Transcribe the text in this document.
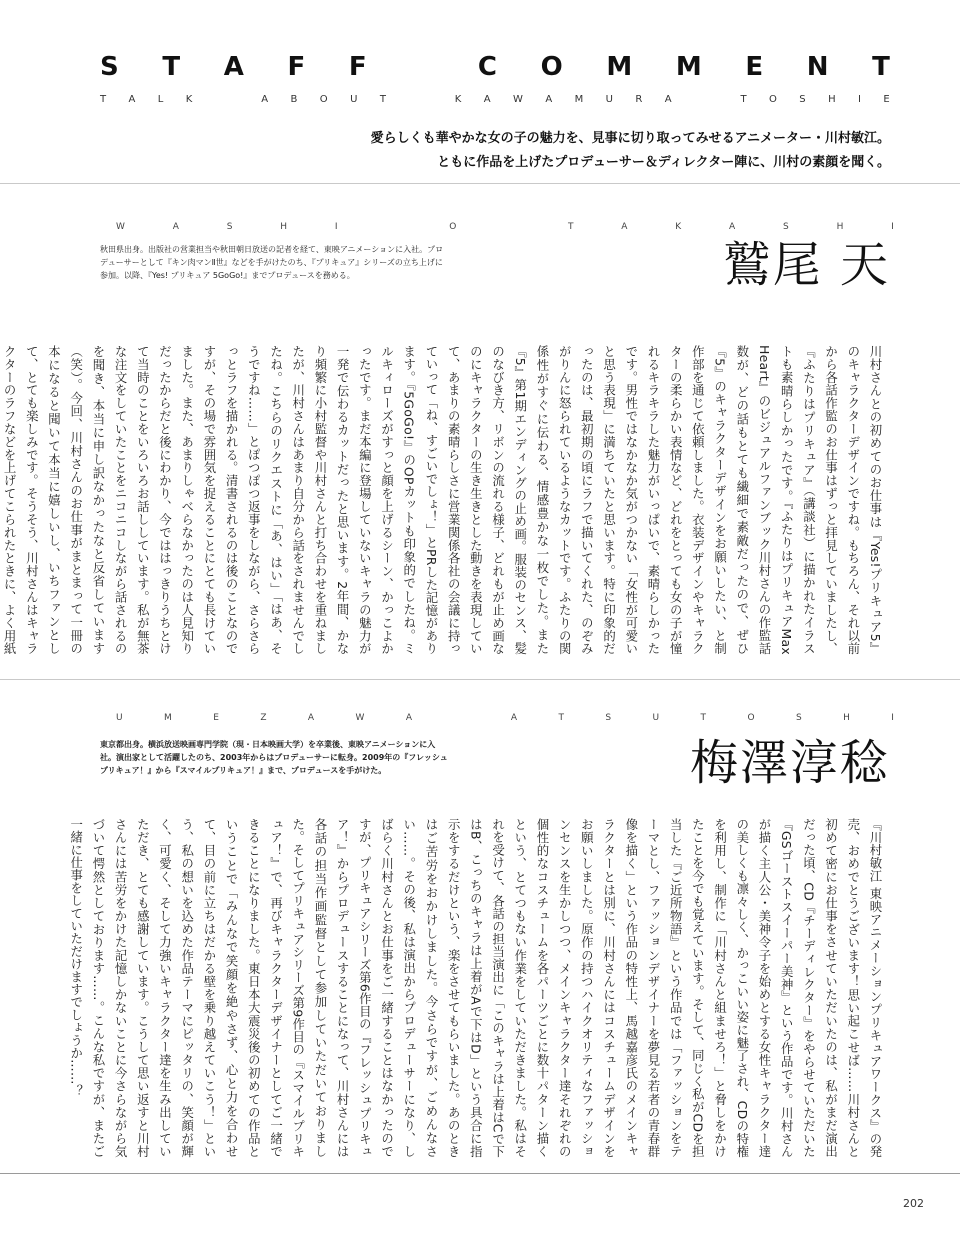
S T A F F	C O M M E N T
T A L K	A B O U T	K A W A M U R A	T O S H I E
愛らしくも華やかな女の子の魅力を、見事に切り取ってみせるアニメーター・川村敏江。
ともに作品を上げたプロデューサー＆ディレクター陣に、川村の素顔を聞く。
W	A	S	H	I	O	T	A	K	A	S	H	I
秋田県出身。出版社の営業担当や秋田朝日放送の記者を経て、東映アニメーションに入社。プロデューサーとして『キン肉マンⅡ世』などを手がけたのち、『プリキュア』シリーズの立ち上げに参加。以降、『Yes! プリキュア 5GoGo!』までプロデュースを務める。	鷲尾 天
川村さんとの初めてのお仕事は『Yes!プリキュア5』のキャラクターデザインですね。もちろん、それ以前から各話作監のお仕事はずっと拝見していましたし、『ふたりはプリキュア』（講談社）に描かれたイラストも素晴らしかったです。『ふたりはプリキュアMax Heart』のビジュアルファンブック川村さんの作監話数が、どの話もとても繊細で素敵だったので、ぜひ『5』のキャラクターデザインをお願いしたい、と制作部を通じて依頼しました。衣装デザインやキャラクターの柔らかい表情など、どれをとっても女の子が憧れるキラキラした魅力がいっぱいで、素晴らしかったです。男性ではなかなか気がつかない「女性が可愛いと思う表現」に満ちていたと思います。特に印象的だったのは、最初期の頃にラフで描いてくれた、のぞみがりんに怒られているようなカットです。ふたりの関係性がすぐに伝わる、情感豊かな一枚でした。また『5』第1期エンディングの止め画。服装のセンス、髪のなびき方、リボンの流れる様子、どれもが止め画なのにキャラクターの生き生きとした動きを表現していて、あまりの素晴らしさに営業関係各社の会議に持っていって「ね、すごいでしょ！」とPRした記憶があります。『5GoGo!』のOPカットも印象的でしたね。ミルキィローズがすっと顔を上げるシーン、かっこよかったです。まだ本編に登場していないキャラの魅力が一発で伝わるカットだったと思います。2年間、かなり頻繁に小村監督や川村さんと打ち合わせを重ねましたが、川村さんはあまり自分から話をされませんでしたね。こちらのリクエストに「あ、はい」「はあ、そうですね……」とぽつぽつ返事をしながら、さらさらっとラフを描かれる。清書されるのは後のことなのですが、その場で雰囲気を捉えることにとても長けていました。また、あまりしゃべらなかったのは人見知りだったからだと後にわかり、今でははっきりうちとけて当時のことをいろいろお話ししています。私が無茶な注文をしていたことをニコニコしながら話されるのを聞き、本当に申し訳なかったなと反省しています（笑）。今回、川村さんのお仕事がまとまって一冊の本になると聞いて本当に嬉しいし、いちファンとして、とても楽しみです。そうそう、川村さんはキャラクターのラフなどを上げてこられたときに、よく用紙
U	M	E	Z	A	W	A	A	T	S	U	T	O	S	H	I
東京都出身。横浜放送映画専門学院（現・日本映画大学）を卒業後、東映アニメーションに入社。演出家として活躍したのち、2003年からはプロデューサーに転身。2009年の『フレッシュプリキュア！』から『スマイルプリキュア！』まで、プロデュースを手がけた。	梅澤淳稔
『川村敏江 東映アニメーションプリキュアワークス』の発売、おめでとうございます！思い起こせば……川村さんと初めて密にお仕事をさせていただいたのは、私がまだ演出だった頃、CD『チーディレクター』をやらせていただいた『GSゴーストスイーパー美神』という作品です。川村さんが描く主人公・美神令子を始めとする女性キャラクター達の美しくも凛々しく、かっこいい姿に魅了され、CDの特権を利用し、制作に「川村さんと組ませろ！」と脅しをかけたことを今でも覚えています。そして、同じく私がCDを担当した『ご近所物語』という作品では「ファッションをテーマとし、ファッションデザイナーを夢見る若者の青春群像を描く」という作品の特性上、馬越嘉彦氏のメインキャラクターとは別に、川村さんにはコスチュームデザインをお願いしました。原作の持つハイクオリティなファッションセンスを生かしつつ、メインキャラクター達それぞれの個性的なコスチュームを各パーツごとに数十パターン描くという、とてつもない作業をしていただきました。私はそれを受けて、各話の担当演出に「このキャラは上着はCで下はB、こっちのキャラは上着がAで下はD」という具合に指示をするだけという、楽をさせてもらいました。あのときはご苦労をおかけしました。今さらですが、ごめんなさい……。その後、私は演出からプロデューサーになり、しばらく川村さんとお仕事をご一緒することはなかったのですが、プリキュアシリーズ第6作目の『フレッシュプリキュア！』からプロデュースすることになって、川村さんには各話の担当作画監督として参加していただいておりました。そしてプリキュアシリーズ第9作目の『スマイルプリキュア！』で、再びキャラクターデザイナーとしてご一緒できることになりました。東日本大震災後の初めての作品ということで「みんなで笑顔を絶やさず、心と力を合わせて、目の前に立ちはだかる壁を乗り越えていこう！」という、私の想いを込めた作品テーマにピッタリの、笑顔が輝く、可愛く、そして力強いキャラクター達を生み出していただき、とても感謝しています。こうして思い返すと川村さんには苦労をかけた記憶しかないことに今さらながら気づいて愕然としております……。こんな私ですが、またご一緒に仕事をしていただけますでしょうか……？
202
